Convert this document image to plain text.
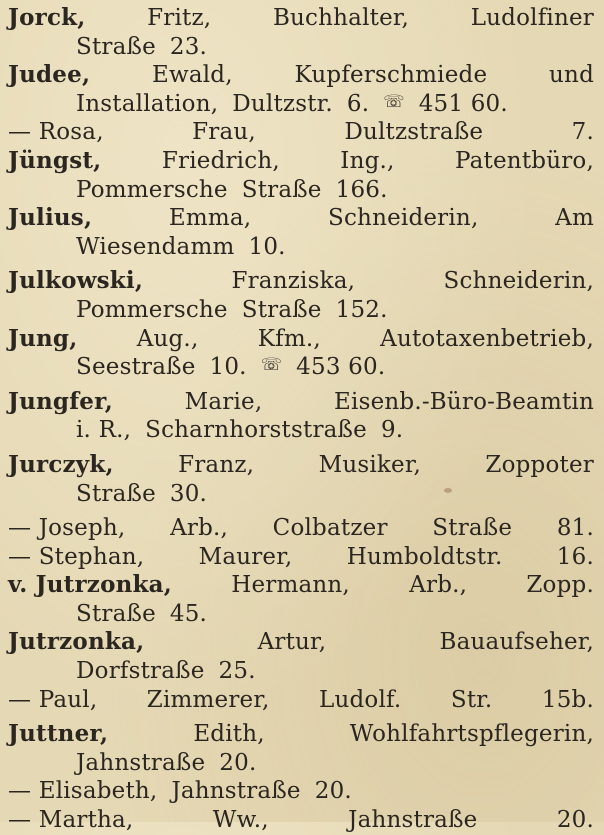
Jorck,	Fritz,	Buchhalter,	Ludolfiner
Straße 23.
Judee,	Ewald,	Kupferschmiede	und
Installation, Dultzstr. 6. ☏ 451 60.
— Rosa,	Frau,	Dultzstraße	7.
Jüngst,	Friedrich,	Ing.,	Patentbüro,
Pommersche Straße 166.
Julius,	Emma,	Schneiderin,	Am
Wiesendamm 10.
Julkowski,	Franziska,	Schneiderin,
Pommersche Straße 152.
Jung,	Aug.,	Kfm.,	Autotaxenbetrieb,
Seestraße 10. ☏ 453 60.
Jungfer,	Marie,	Eisenb.-Büro-Beamtin
i. R., Scharnhorststraße 9.
Jurczyk,	Franz,	Musiker,	Zoppoter
Straße 30.
— Joseph, Arb., Colbatzer Straße 81.
— Stephan, Maurer, Humboldtstr. 16.
v. Jutrzonka,	Hermann,	Arb.,	Zopp.
Straße 45.
Jutrzonka,	Artur,	Bauaufseher,
Dorfstraße 25.
— Paul, Zimmerer, Ludolf. Str. 15b.
Juttner,	Edith,	Wohlfahrtspflegerin,
Jahnstraße 20.
— Elisabeth, Jahnstraße 20.
— Martha,	Ww.,	Jahnstraße	20.
